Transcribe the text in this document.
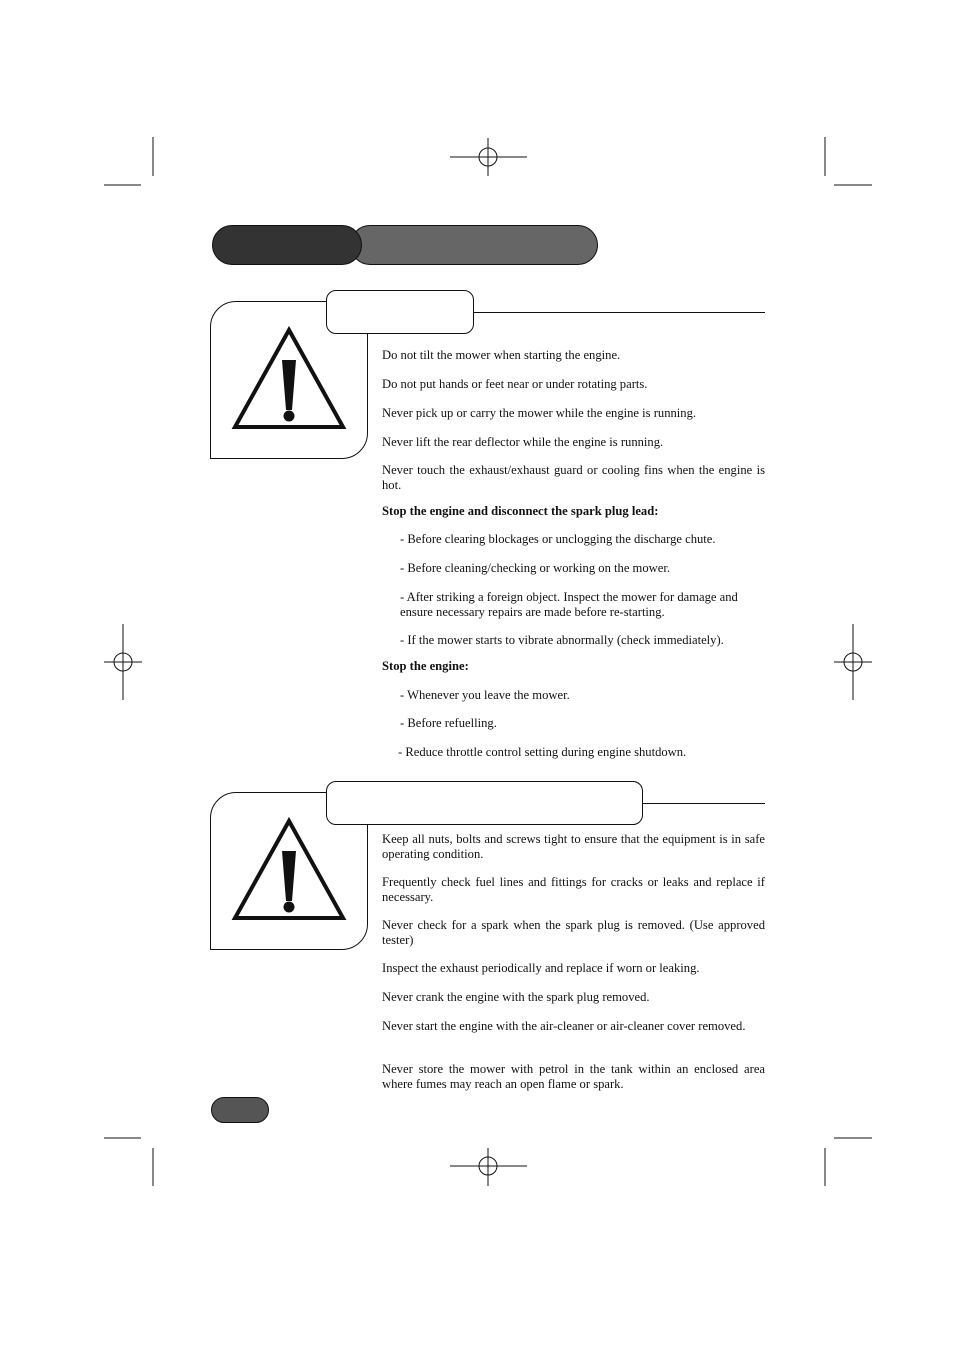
Do not tilt the mower when starting the engine.

Do not put hands or feet near or under rotating parts.

Never pick up or carry the mower while the engine is running.

Never lift the rear deflector while the engine is running.

Never touch the exhaust/exhaust guard or cooling fins when the engine is hot.

Stop the engine and disconnect the spark plug lead:

- Before clearing blockages or unclogging the discharge chute.

- Before cleaning/checking or working on the mower.

- After striking a foreign object. Inspect the mower for damage and ensure necessary repairs are made before re-starting.

- If the mower starts to vibrate abnormally (check immediately).

Stop the engine:

- Whenever you leave the mower.

- Before refuelling.

- Reduce throttle control setting during engine shutdown.

Keep all nuts, bolts and screws tight to ensure that the equipment is in safe operating condition.

Frequently check fuel lines and fittings for cracks or leaks and replace if necessary.

Never check for a spark when the spark plug is removed. (Use approved tester)

Inspect the exhaust periodically and replace if worn or leaking.

Never crank the engine with the spark plug removed.

Never start the engine with the air-cleaner or air-cleaner cover removed.

Never store the mower with petrol in the tank within an enclosed area where fumes may reach an open flame or spark.
